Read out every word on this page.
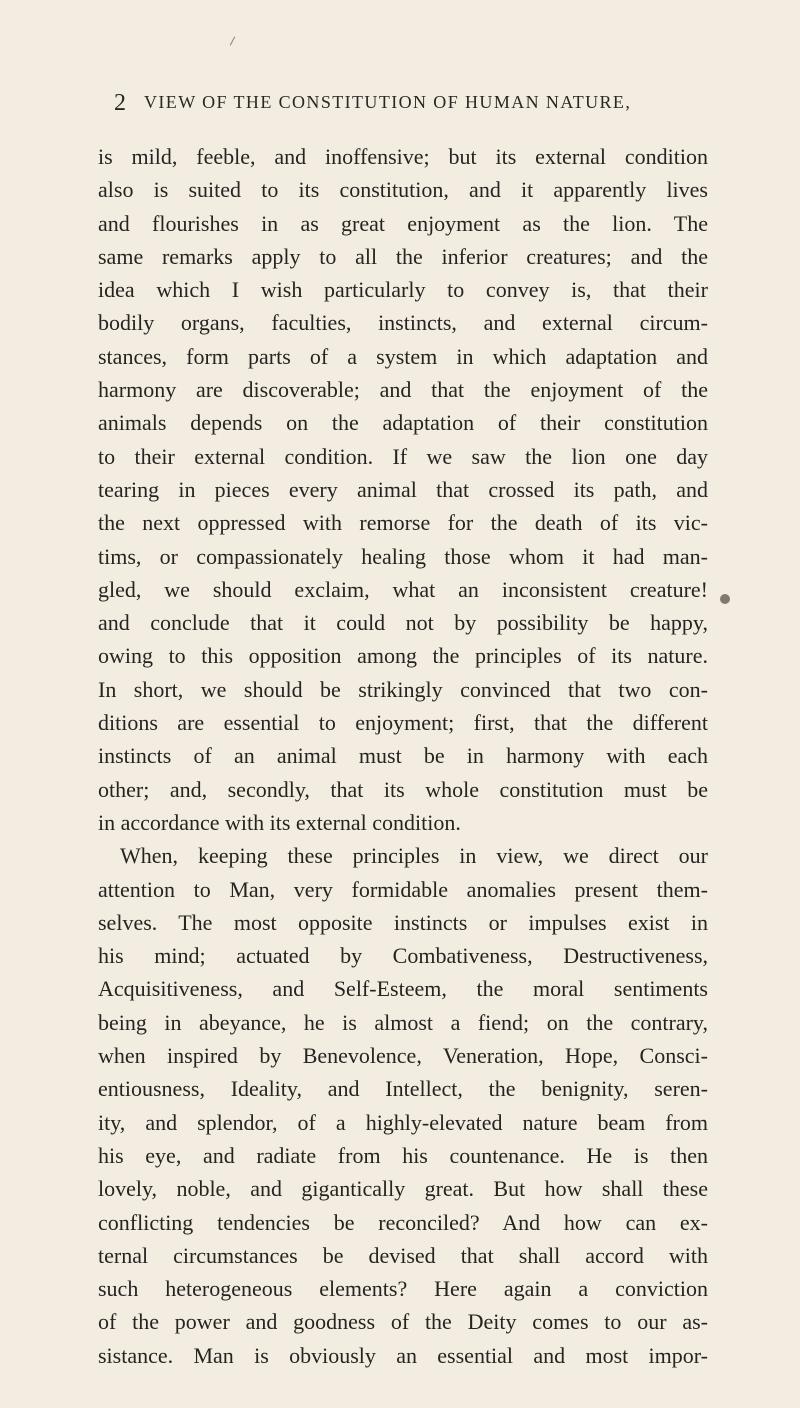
2 VIEW OF THE CONSTITUTION OF HUMAN NATURE,
is mild, feeble, and inoffensive; but its external condition
also is suited to its constitution, and it apparently lives
and flourishes in as great enjoyment as the lion. The
same remarks apply to all the inferior creatures; and the
idea which I wish particularly to convey is, that their
bodily organs, faculties, instincts, and external circum-
stances, form parts of a system in which adaptation and
harmony are discoverable; and that the enjoyment of the
animals depends on the adaptation of their constitution
to their external condition. If we saw the lion one day
tearing in pieces every animal that crossed its path, and
the next oppressed with remorse for the death of its vic-
tims, or compassionately healing those whom it had man-
gled, we should exclaim, what an inconsistent creature!
and conclude that it could not by possibility be happy,
owing to this opposition among the principles of its nature.
In short, we should be strikingly convinced that two con-
ditions are essential to enjoyment; first, that the different
instincts of an animal must be in harmony with each
other; and, secondly, that its whole constitution must be
in accordance with its external condition.
When, keeping these principles in view, we direct our
attention to Man, very formidable anomalies present them-
selves. The most opposite instincts or impulses exist in
his mind; actuated by Combativeness, Destructiveness,
Acquisitiveness, and Self-Esteem, the moral sentiments
being in abeyance, he is almost a fiend; on the contrary,
when inspired by Benevolence, Veneration, Hope, Consci-
entiousness, Ideality, and Intellect, the benignity, seren-
ity, and splendor, of a highly-elevated nature beam from
his eye, and radiate from his countenance. He is then
lovely, noble, and gigantically great. But how shall these
conflicting tendencies be reconciled? And how can ex-
ternal circumstances be devised that shall accord with
such heterogeneous elements? Here again a conviction
of the power and goodness of the Deity comes to our as-
sistance. Man is obviously an essential and most impor-
